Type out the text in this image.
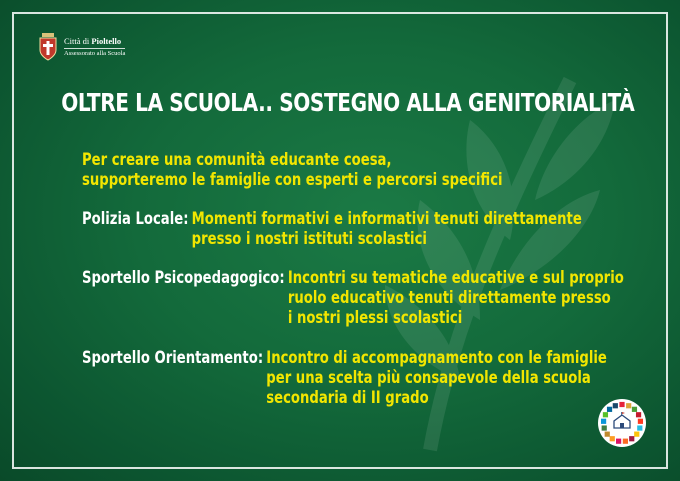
Città di Pioltello
Assessorato alla Scuola
OLTRE LA SCUOLA.. SOSTEGNO ALLA GENITORIALITÀ
Per creare una comunità educante coesa,
supporteremo le famiglie con esperti e percorsi specifici
Polizia Locale: Momenti formativi e informativi tenuti direttamente
presso i nostri istituti scolastici
Sportello Psicopedagogico: Incontri su tematiche educative e sul proprio
ruolo educativo tenuti direttamente presso
i nostri plessi scolastici
Sportello Orientamento: Incontro di accompagnamento con le famiglie
per una scelta più consapevole della scuola
secondaria di II grado
